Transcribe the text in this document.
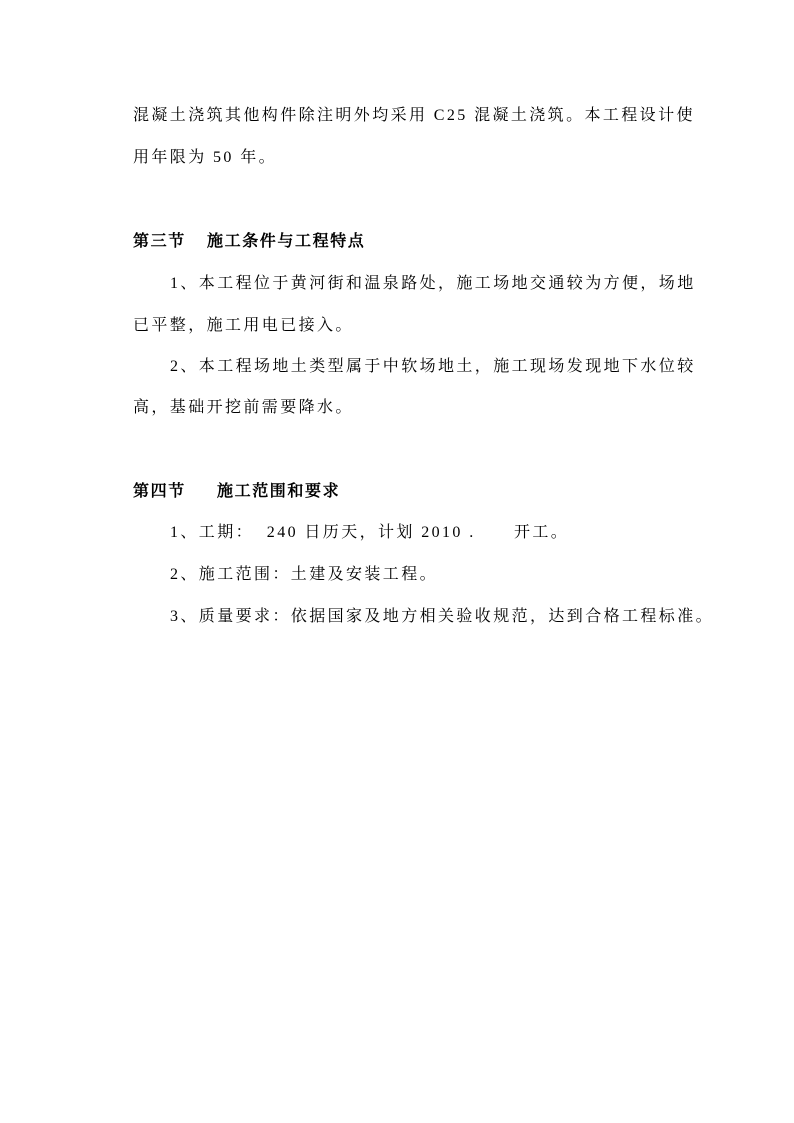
混凝土浇筑其他构件除注明外均采用 C25 混凝土浇筑。本工程设计使
用年限为 50 年。
第三节 施工条件与工程特点
1、本工程位于黄河街和温泉路处，施工场地交通较为方便，场地
已平整，施工用电已接入。
2、本工程场地土类型属于中软场地土，施工现场发现地下水位较
高，基础开挖前需要降水。
第四节 施工范围和要求
1、工期：  240 日历天，计划 2010 .      开工。
2、施工范围：土建及安装工程。
3、质量要求：依据国家及地方相关验收规范，达到合格工程标准。
